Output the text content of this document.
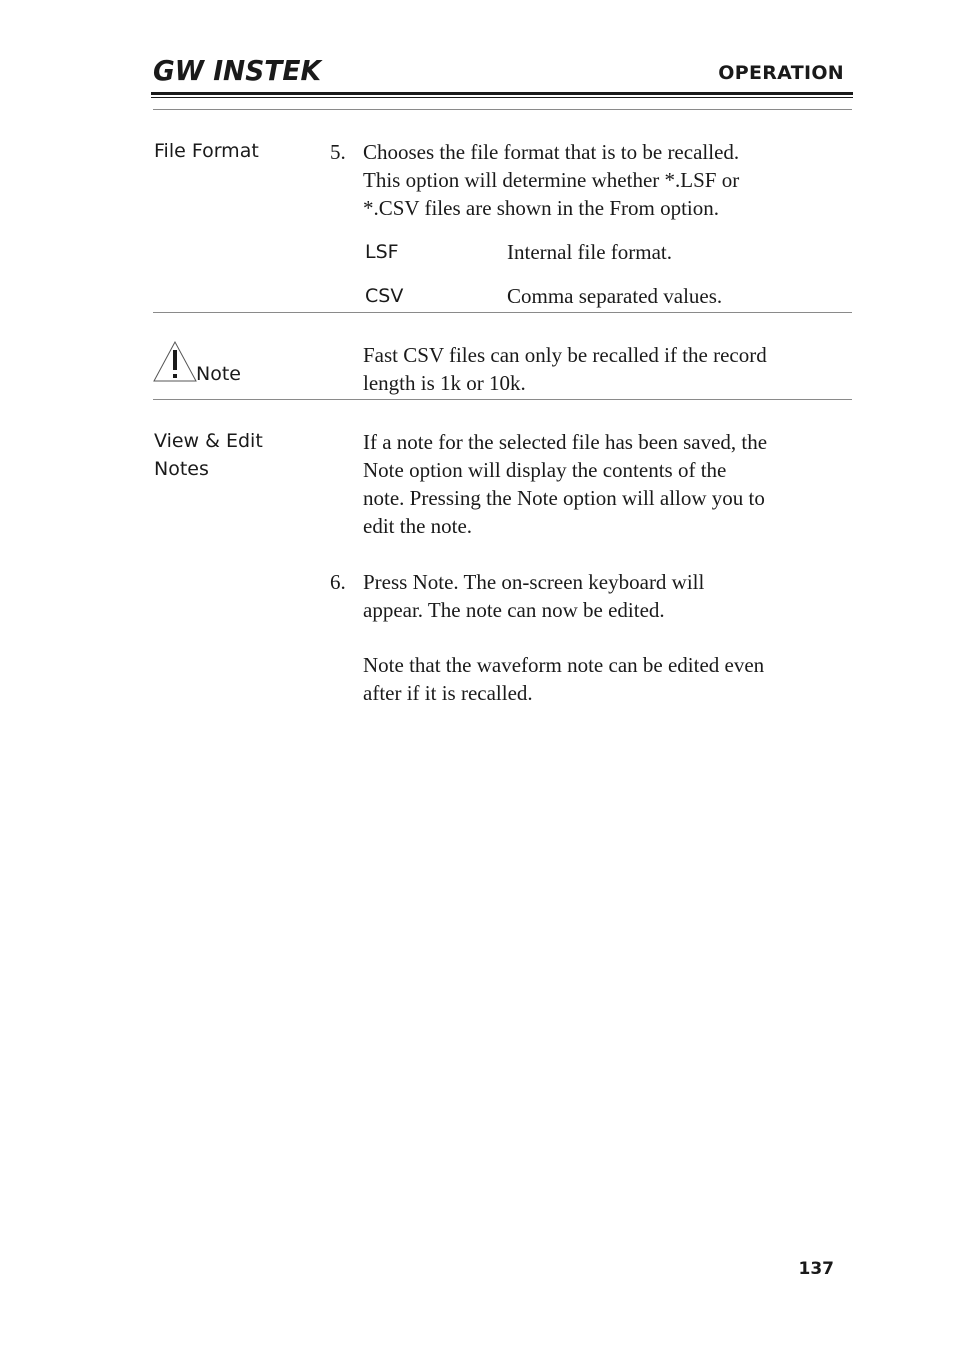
GW INSTEK	OPERATION
File Format	5. Chooses the file format that is to be recalled.
This option will determine whether *.LSF or
*.CSV files are shown in the From option.
LSF	Internal file format.
CSV	Comma separated values.
Note
Fast CSV files can only be recalled if the record
length is 1k or 10k.
View & Edit
Notes
If a note for the selected file has been saved, the
Note option will display the contents of the
note. Pressing the Note option will allow you to
edit the note.
6. Press Note. The on-screen keyboard will
appear. The note can now be edited.
Note that the waveform note can be edited even
after if it is recalled.
137
